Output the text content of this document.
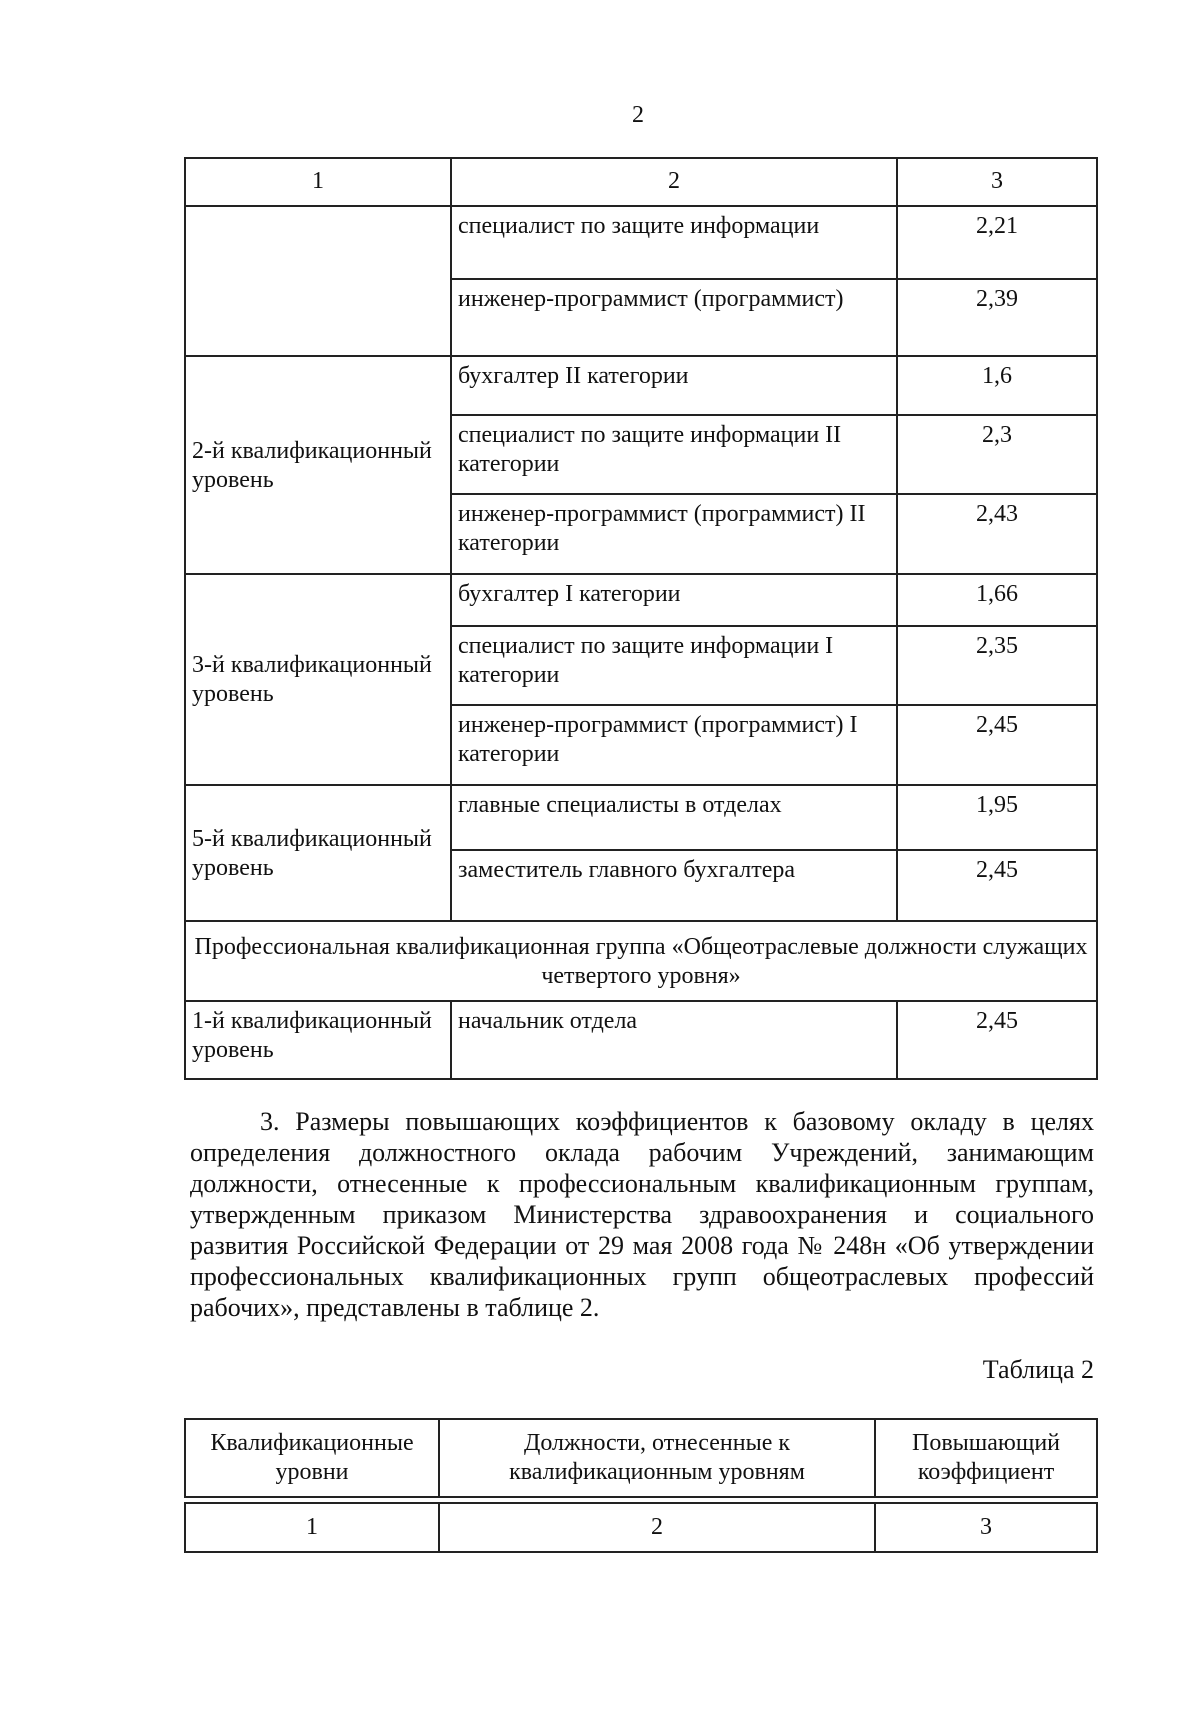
2
1	2	3
	специалист по защите информации	2,21
	инженер-программист (программист)	2,39
2-й квалификационный уровень	бухгалтер II категории	1,6
	специалист по защите информации II категории	2,3
	инженер-программист (программист) II категории	2,43
3-й квалификационный уровень	бухгалтер I категории	1,66
	специалист по защите информации I категории	2,35
	инженер-программист (программист) I категории	2,45
5-й квалификационный уровень	главные специалисты в отделах	1,95
	заместитель главного бухгалтера	2,45
Профессиональная квалификационная группа «Общеотраслевые должности служащих четвертого уровня»		
1-й квалификационный уровень	начальник отдела	2,45

3. Размеры повышающих коэффициентов к базовому окладу в целях определения должностного оклада рабочим Учреждений, занимающим должности, отнесенные к профессиональным квалификационным группам, утвержденным приказом Министерства здравоохранения и социального развития Российской Федерации от 29 мая 2008 года № 248н «Об утверждении профессиональных квалификационных групп общеотраслевых профессий рабочих», представлены в таблице 2.

Таблица 2
Квалификационные уровни	Должности, отнесенные к квалификационным уровням	Повышающий коэффициент
1	2	3
